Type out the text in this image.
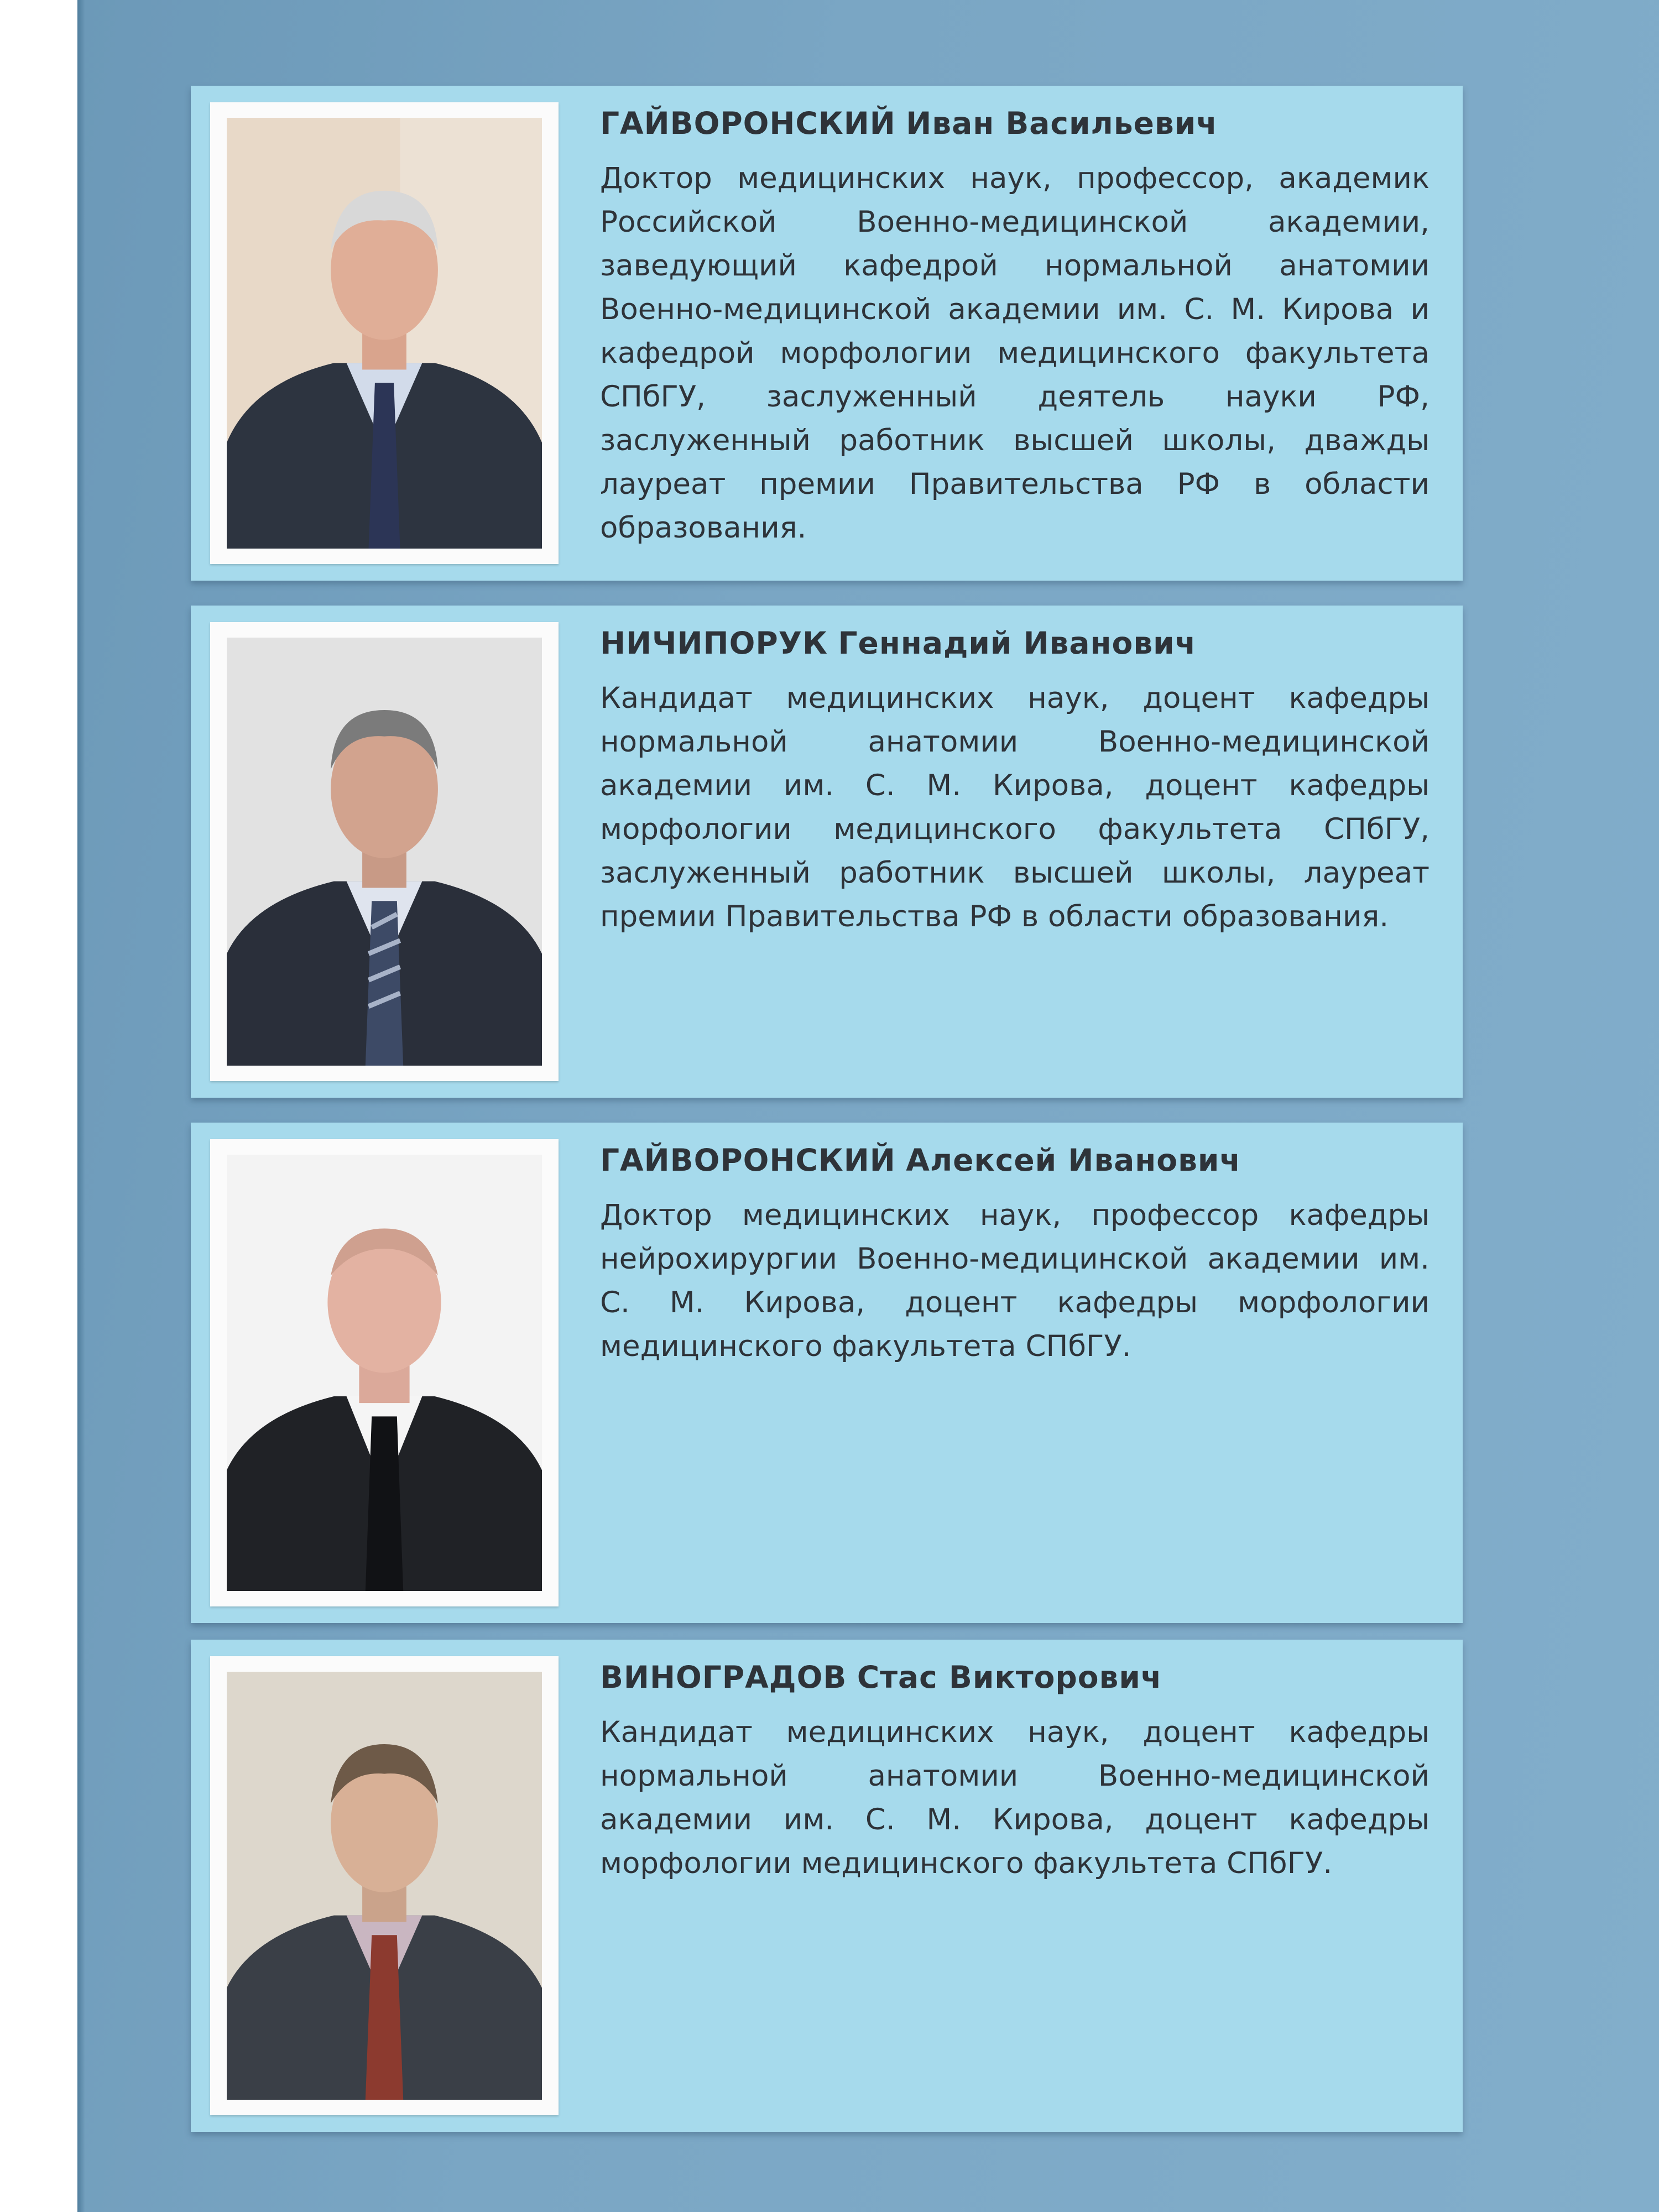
ГАЙВОРОНСКИЙ Иван Васильевич

Доктор медицинских наук, профессор, академик Российской Военно-медицинской академии, заведующий кафедрой нормальной анатомии Военно-медицинской академии им. С. М. Кирова и кафедрой морфологии медицинского факультета СПбГУ, заслуженный деятель науки РФ, заслуженный работник высшей школы, дважды лауреат премии Правительства РФ в области образования.

НИЧИПОРУК Геннадий Иванович

Кандидат медицинских наук, доцент кафедры нормальной анатомии Военно-медицинской академии им. С. М. Кирова, доцент кафедры морфологии медицинского факультета СПбГУ, заслуженный работник высшей школы, лауреат премии Правительства РФ в области образования.

ГАЙВОРОНСКИЙ Алексей Иванович

Доктор медицинских наук, профессор кафедры нейрохирургии Военно-медицинской академии им. С. М. Кирова, доцент кафедры морфологии медицинского факультета СПбГУ.

ВИНОГРАДОВ Стас Викторович

Кандидат медицинских наук, доцент кафедры нормальной анатомии Военно-медицинской академии им. С. М. Кирова, доцент кафедры морфологии медицинского факультета СПбГУ.
